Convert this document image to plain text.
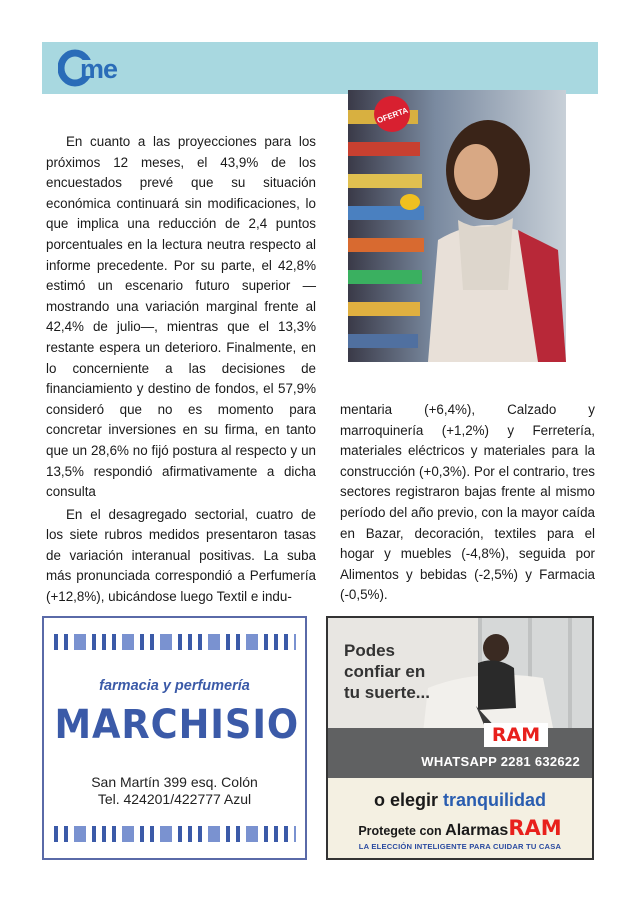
me

En cuanto a las proyecciones para los próximos 12 meses, el 43,9% de los encuestados prevé que su situación económica continuará sin modificaciones, lo que implica una reducción de 2,4 puntos porcentuales en la lectura neutra respecto al informe precedente. Por su parte, el 42,8% estimó un escenario futuro superior —mostrando una variación marginal frente al 42,4% de julio—, mientras que el 13,3% restante espera un deterioro. Finalmente, en lo concerniente a las decisiones de financiamiento y destino de fondos, el 57,9% consideró que no es momento para concretar inversiones en su firma, en tanto que un 28,6% no fijó postura al respecto y un 13,5% respondió afirmativamente a dicha consulta

En el desagregado sectorial, cuatro de los siete rubros medidos presentaron tasas de variación interanual positivas. La suba más pronunciada correspondió a Perfumería (+12,8%), ubicándose luego Textil e indu-

OFERTA

mentaria (+6,4%), Calzado y marroquinería (+1,2%) y Ferretería, materiales eléctricos y materiales para la construcción (+0,3%). Por el contrario, tres sectores registraron bajas frente al mismo período del año previo, con la mayor caída en Bazar, decoración, textiles para el hogar y muebles (-4,8%), seguida por Alimentos y bebidas (-2,5%) y Farmacia (-0,5%).

farmacia y perfumería
MARCHISIO
San Martín 399 esq. Colón
Tel. 424201/422777 Azul
Podes
confiar en
tu suerte...
RAM
WHATSAPP 2281 632622
o elegir tranquilidad
Protegete con AlarmasRAM
LA ELECCIÓN INTELIGENTE PARA CUIDAR TU CASA
